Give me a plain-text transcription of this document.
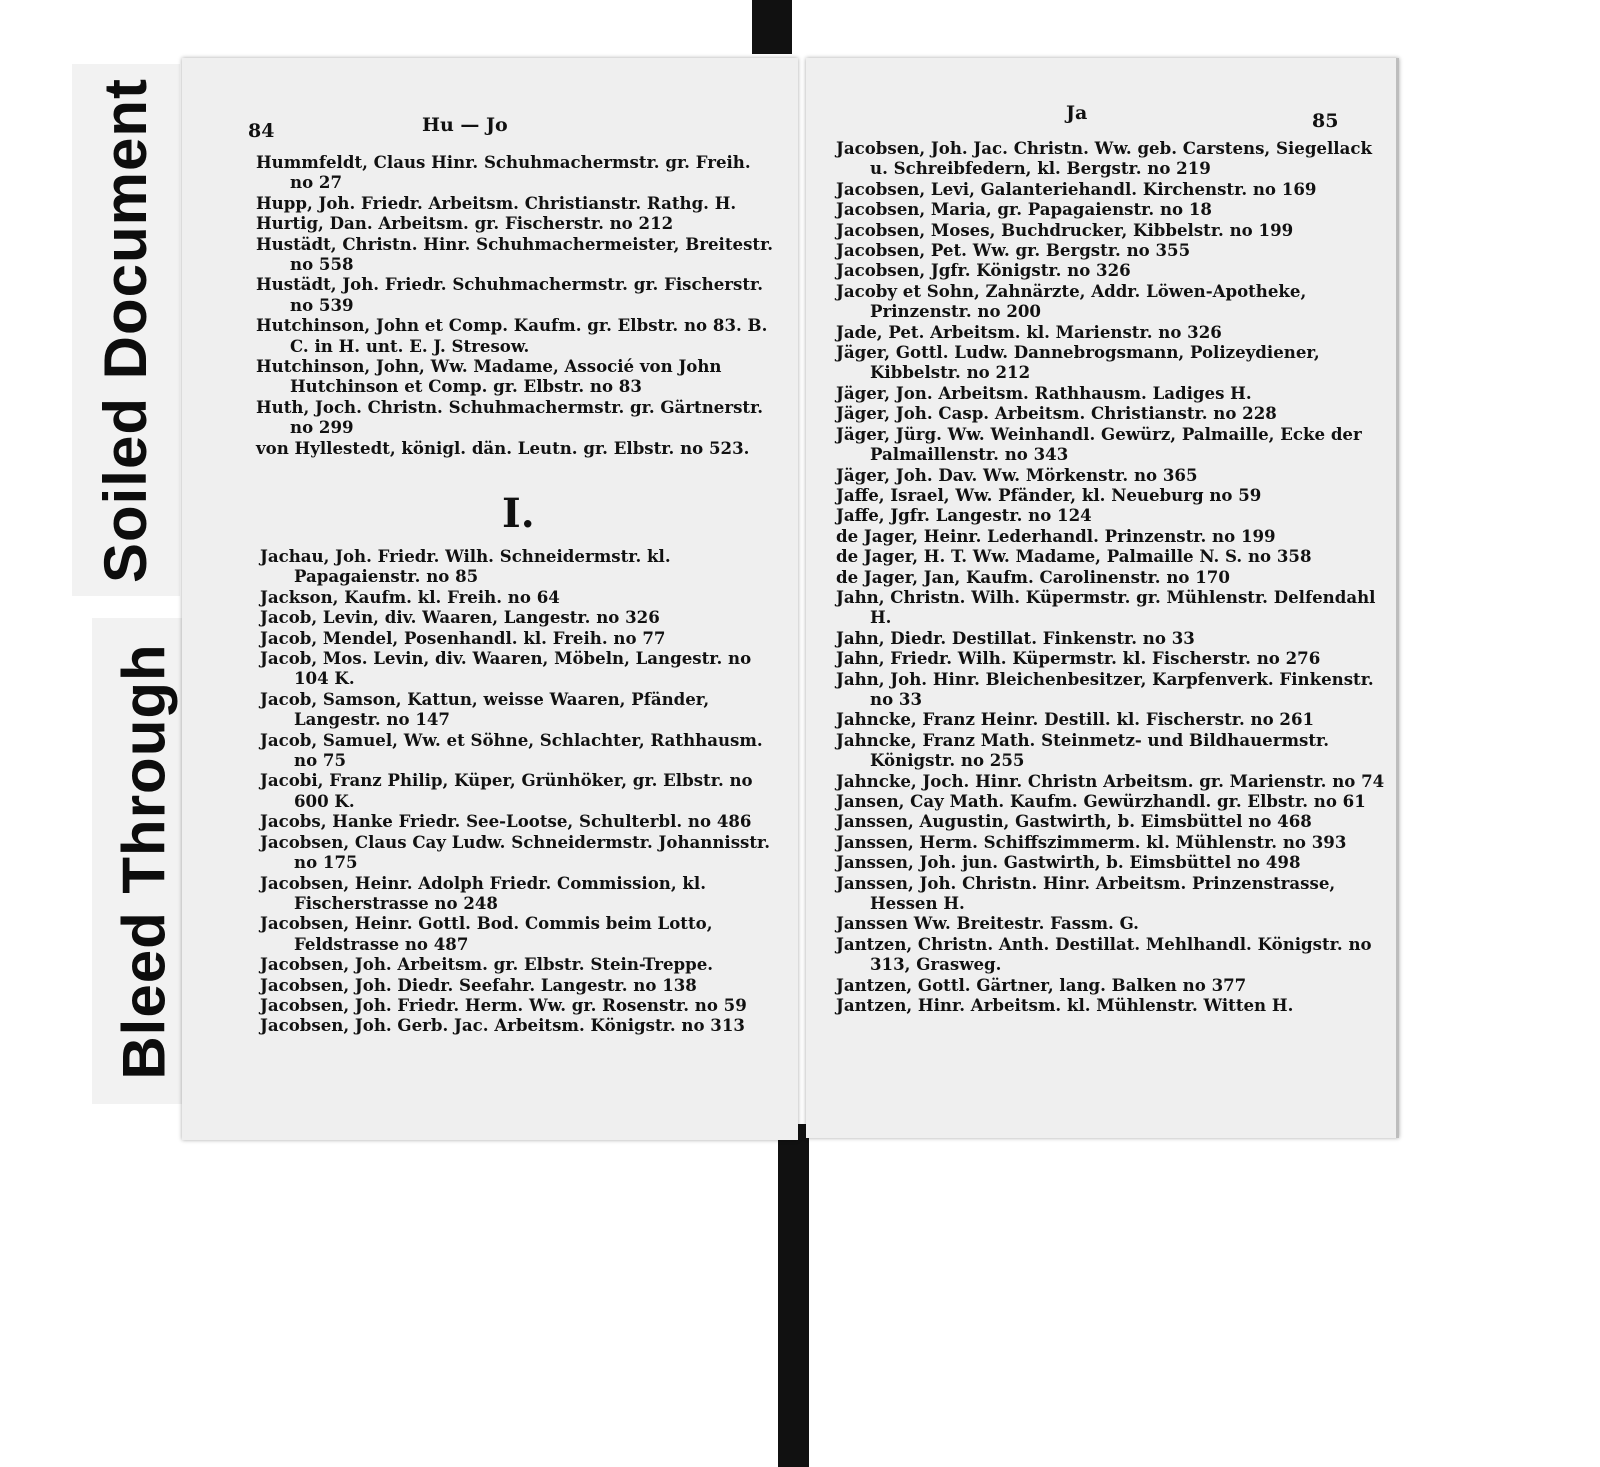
Soiled Document
Bleed Through
84	Hu — Jo

Hummfeldt, Claus Hinr. Schuhmachermstr. gr. Freih. no 27

Hupp, Joh. Friedr. Arbeitsm. Christianstr. Rathg. H.

Hurtig, Dan. Arbeitsm. gr. Fischerstr. no 212

Hustädt, Christn. Hinr. Schuhmachermeister, Breitestr. no 558

Hustädt, Joh. Friedr. Schuhmachermstr. gr. Fischerstr. no 539

Hutchinson, John et Comp. Kaufm. gr. Elbstr. no 83. B. C. in H. unt. E. J. Stresow.

Hutchinson, John, Ww. Madame, Associé von John Hutchinson et Comp. gr. Elbstr. no 83

Huth, Joch. Christn. Schuhmachermstr. gr. Gärtnerstr. no 299

von Hyllestedt, königl. dän. Leutn. gr. Elbstr. no 523.

I.

Jachau, Joh. Friedr. Wilh. Schneidermstr. kl. Papagaienstr. no 85

Jackson, Kaufm. kl. Freih. no 64

Jacob, Levin, div. Waaren, Langestr. no 326

Jacob, Mendel, Posenhandl. kl. Freih. no 77

Jacob, Mos. Levin, div. Waaren, Möbeln, Langestr. no 104 K.

Jacob, Samson, Kattun, weisse Waaren, Pfänder, Langestr. no 147

Jacob, Samuel, Ww. et Söhne, Schlachter, Rathhausm. no 75

Jacobi, Franz Philip, Küper, Grünhöker, gr. Elbstr. no 600 K.

Jacobs, Hanke Friedr. See-Lootse, Schulterbl. no 486

Jacobsen, Claus Cay Ludw. Schneidermstr. Johannisstr. no 175

Jacobsen, Heinr. Adolph Friedr. Commission, kl. Fischerstrasse no 248

Jacobsen, Heinr. Gottl. Bod. Commis beim Lotto, Feldstrasse no 487

Jacobsen, Joh. Arbeitsm. gr. Elbstr. Stein-Treppe.

Jacobsen, Joh. Diedr. Seefahr. Langestr. no 138

Jacobsen, Joh. Friedr. Herm. Ww. gr. Rosenstr. no 59

Jacobsen, Joh. Gerb. Jac. Arbeitsm. Königstr. no 313

Ja	85

Jacobsen, Joh. Jac. Christn. Ww. geb. Carstens, Siegellack u. Schreibfedern, kl. Bergstr. no 219

Jacobsen, Levi, Galanteriehandl. Kirchenstr. no 169

Jacobsen, Maria, gr. Papagaienstr. no 18

Jacobsen, Moses, Buchdrucker, Kibbelstr. no 199

Jacobsen, Pet. Ww. gr. Bergstr. no 355

Jacobsen, Jgfr. Königstr. no 326

Jacoby et Sohn, Zahnärzte, Addr. Löwen-Apotheke, Prinzenstr. no 200

Jade, Pet. Arbeitsm. kl. Marienstr. no 326

Jäger, Gottl. Ludw. Dannebrogsmann, Polizeydiener, Kibbelstr. no 212

Jäger, Jon. Arbeitsm. Rathhausm. Ladiges H.

Jäger, Joh. Casp. Arbeitsm. Christianstr. no 228

Jäger, Jürg. Ww. Weinhandl. Gewürz, Palmaille, Ecke der Palmaillenstr. no 343

Jäger, Joh. Dav. Ww. Mörkenstr. no 365

Jaffe, Israel, Ww. Pfänder, kl. Neueburg no 59

Jaffe, Jgfr. Langestr. no 124

de Jager, Heinr. Lederhandl. Prinzenstr. no 199

de Jager, H. T. Ww. Madame, Palmaille N. S. no 358

de Jager, Jan, Kaufm. Carolinenstr. no 170

Jahn, Christn. Wilh. Küpermstr. gr. Mühlenstr. Delfendahl H.

Jahn, Diedr. Destillat. Finkenstr. no 33

Jahn, Friedr. Wilh. Küpermstr. kl. Fischerstr. no 276

Jahn, Joh. Hinr. Bleichenbesitzer, Karpfenverk. Finkenstr. no 33

Jahncke, Franz Heinr. Destill. kl. Fischerstr. no 261

Jahncke, Franz Math. Steinmetz- und Bildhauermstr. Königstr. no 255

Jahncke, Joch. Hinr. Christn Arbeitsm. gr. Marienstr. no 74

Jansen, Cay Math. Kaufm. Gewürzhandl. gr. Elbstr. no 61

Janssen, Augustin, Gastwirth, b. Eimsbüttel no 468

Janssen, Herm. Schiffszimmerm. kl. Mühlenstr. no 393

Janssen, Joh. jun. Gastwirth, b. Eimsbüttel no 498

Janssen, Joh. Christn. Hinr. Arbeitsm. Prinzenstrasse, Hessen H.

Janssen Ww. Breitestr. Fassm. G.

Jantzen, Christn. Anth. Destillat. Mehlhandl. Königstr. no 313, Grasweg.

Jantzen, Gottl. Gärtner, lang. Balken no 377

Jantzen, Hinr. Arbeitsm. kl. Mühlenstr. Witten H.
